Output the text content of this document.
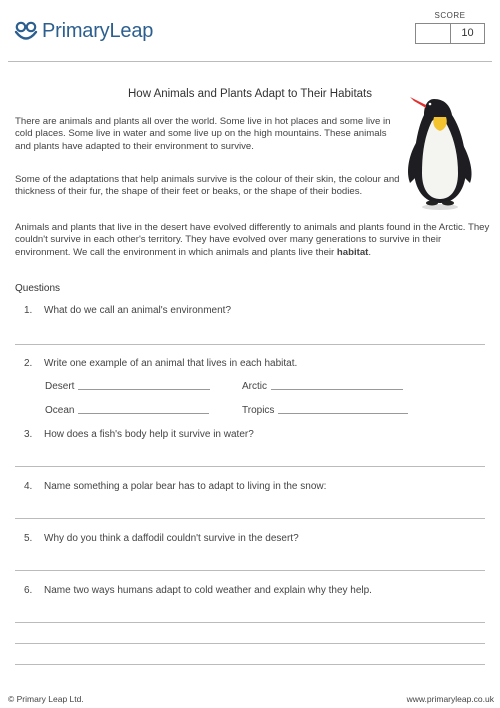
PrimaryLeap
SCORE
10
How Animals and Plants Adapt to Their Habitats

There are animals and plants all over the world. Some live in hot places and some live in cold places. Some live in water and some live up on the high mountains. These animals and plants have adapted to their environment to survive.

Some of the adaptations that help animals survive is the colour of their skin, the colour and thickness of their fur, the shape of their feet or beaks, or the shape of their bodies.

Animals and plants that live in the desert have evolved differently to animals and plants found in the Arctic. They couldn't survive in each other's territory. They have evolved over many generations to survive in their environment. We call the environment in which animals and plants live their habitat.

Questions
1. What do we call an animal's environment?
2. Write one example of an animal that lives in each habitat.
Desert	Arctic
Ocean	Tropics
3. How does a fish's body help it survive in water?
4. Name something a polar bear has to adapt to living in the snow:
5. Why do you think a daffodil couldn't survive in the desert?
6. Name two ways humans adapt to cold weather and explain why they help.
© Primary Leap Ltd.	www.primaryleap.co.uk
